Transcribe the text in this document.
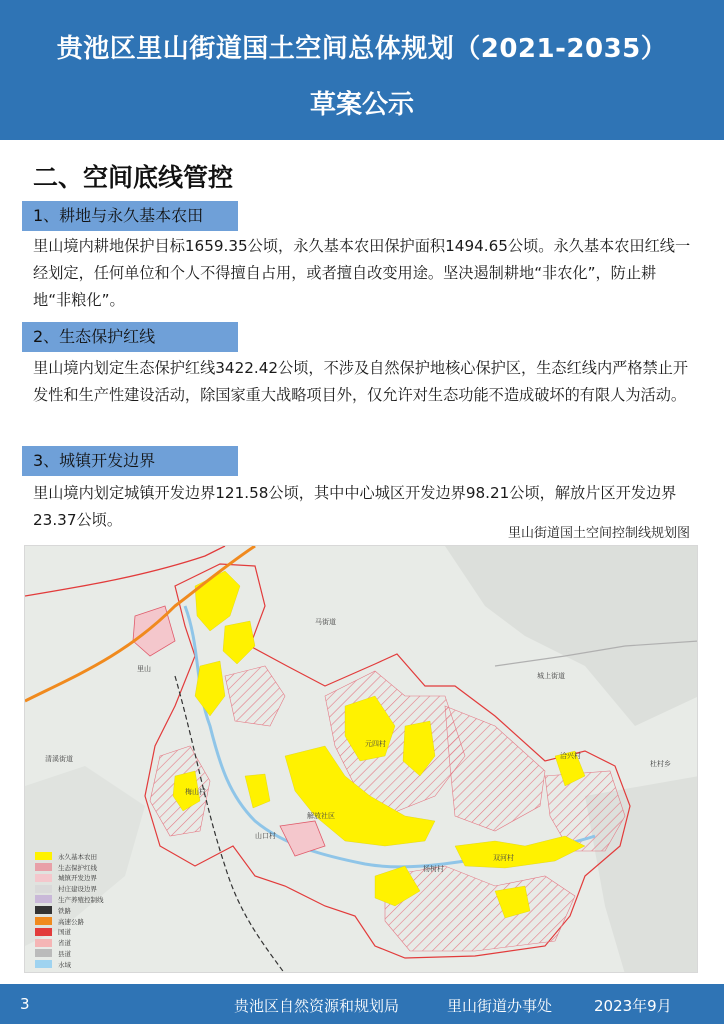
贵池区里山街道国土空间总体规划（2021-2035）
草案公示
二、空间底线管控
1、耕地与永久基本农田
里山境内耕地保护目标1659.35公顷，永久基本农田保护面积1494.65公顷。永久基本农田红线一经划定，任何单位和个人不得擅自占用，或者擅自改变用途。坚决遏制耕地“非农化”，防止耕地“非粮化”。
2、生态保护红线
里山境内划定生态保护红线3422.42公顷，不涉及自然保护地核心保护区，生态红线内严格禁止开发性和生产性建设活动，除国家重大战略项目外，仅允许对生态功能不造成破坏的有限人为活动。
3、城镇开发边界
里山境内划定城镇开发边界121.58公顷，其中中心城区开发边界98.21公顷，解放片区开发边界23.37公顷。
里山街道国土空间控制线规划图
里山
马街道
元四村
解放社区
双河村
杨树村
洽兴村
清溪街道
杜村乡
城上街道
梅山村
山口村
永久基本农田
生态保护红线
城镇开发边界
村庄建设边界
生产养殖控制线
铁路
高速公路
国道
省道
县道
水域
3	贵池区自然资源和规划局	里山街道办事处	2023年9月
